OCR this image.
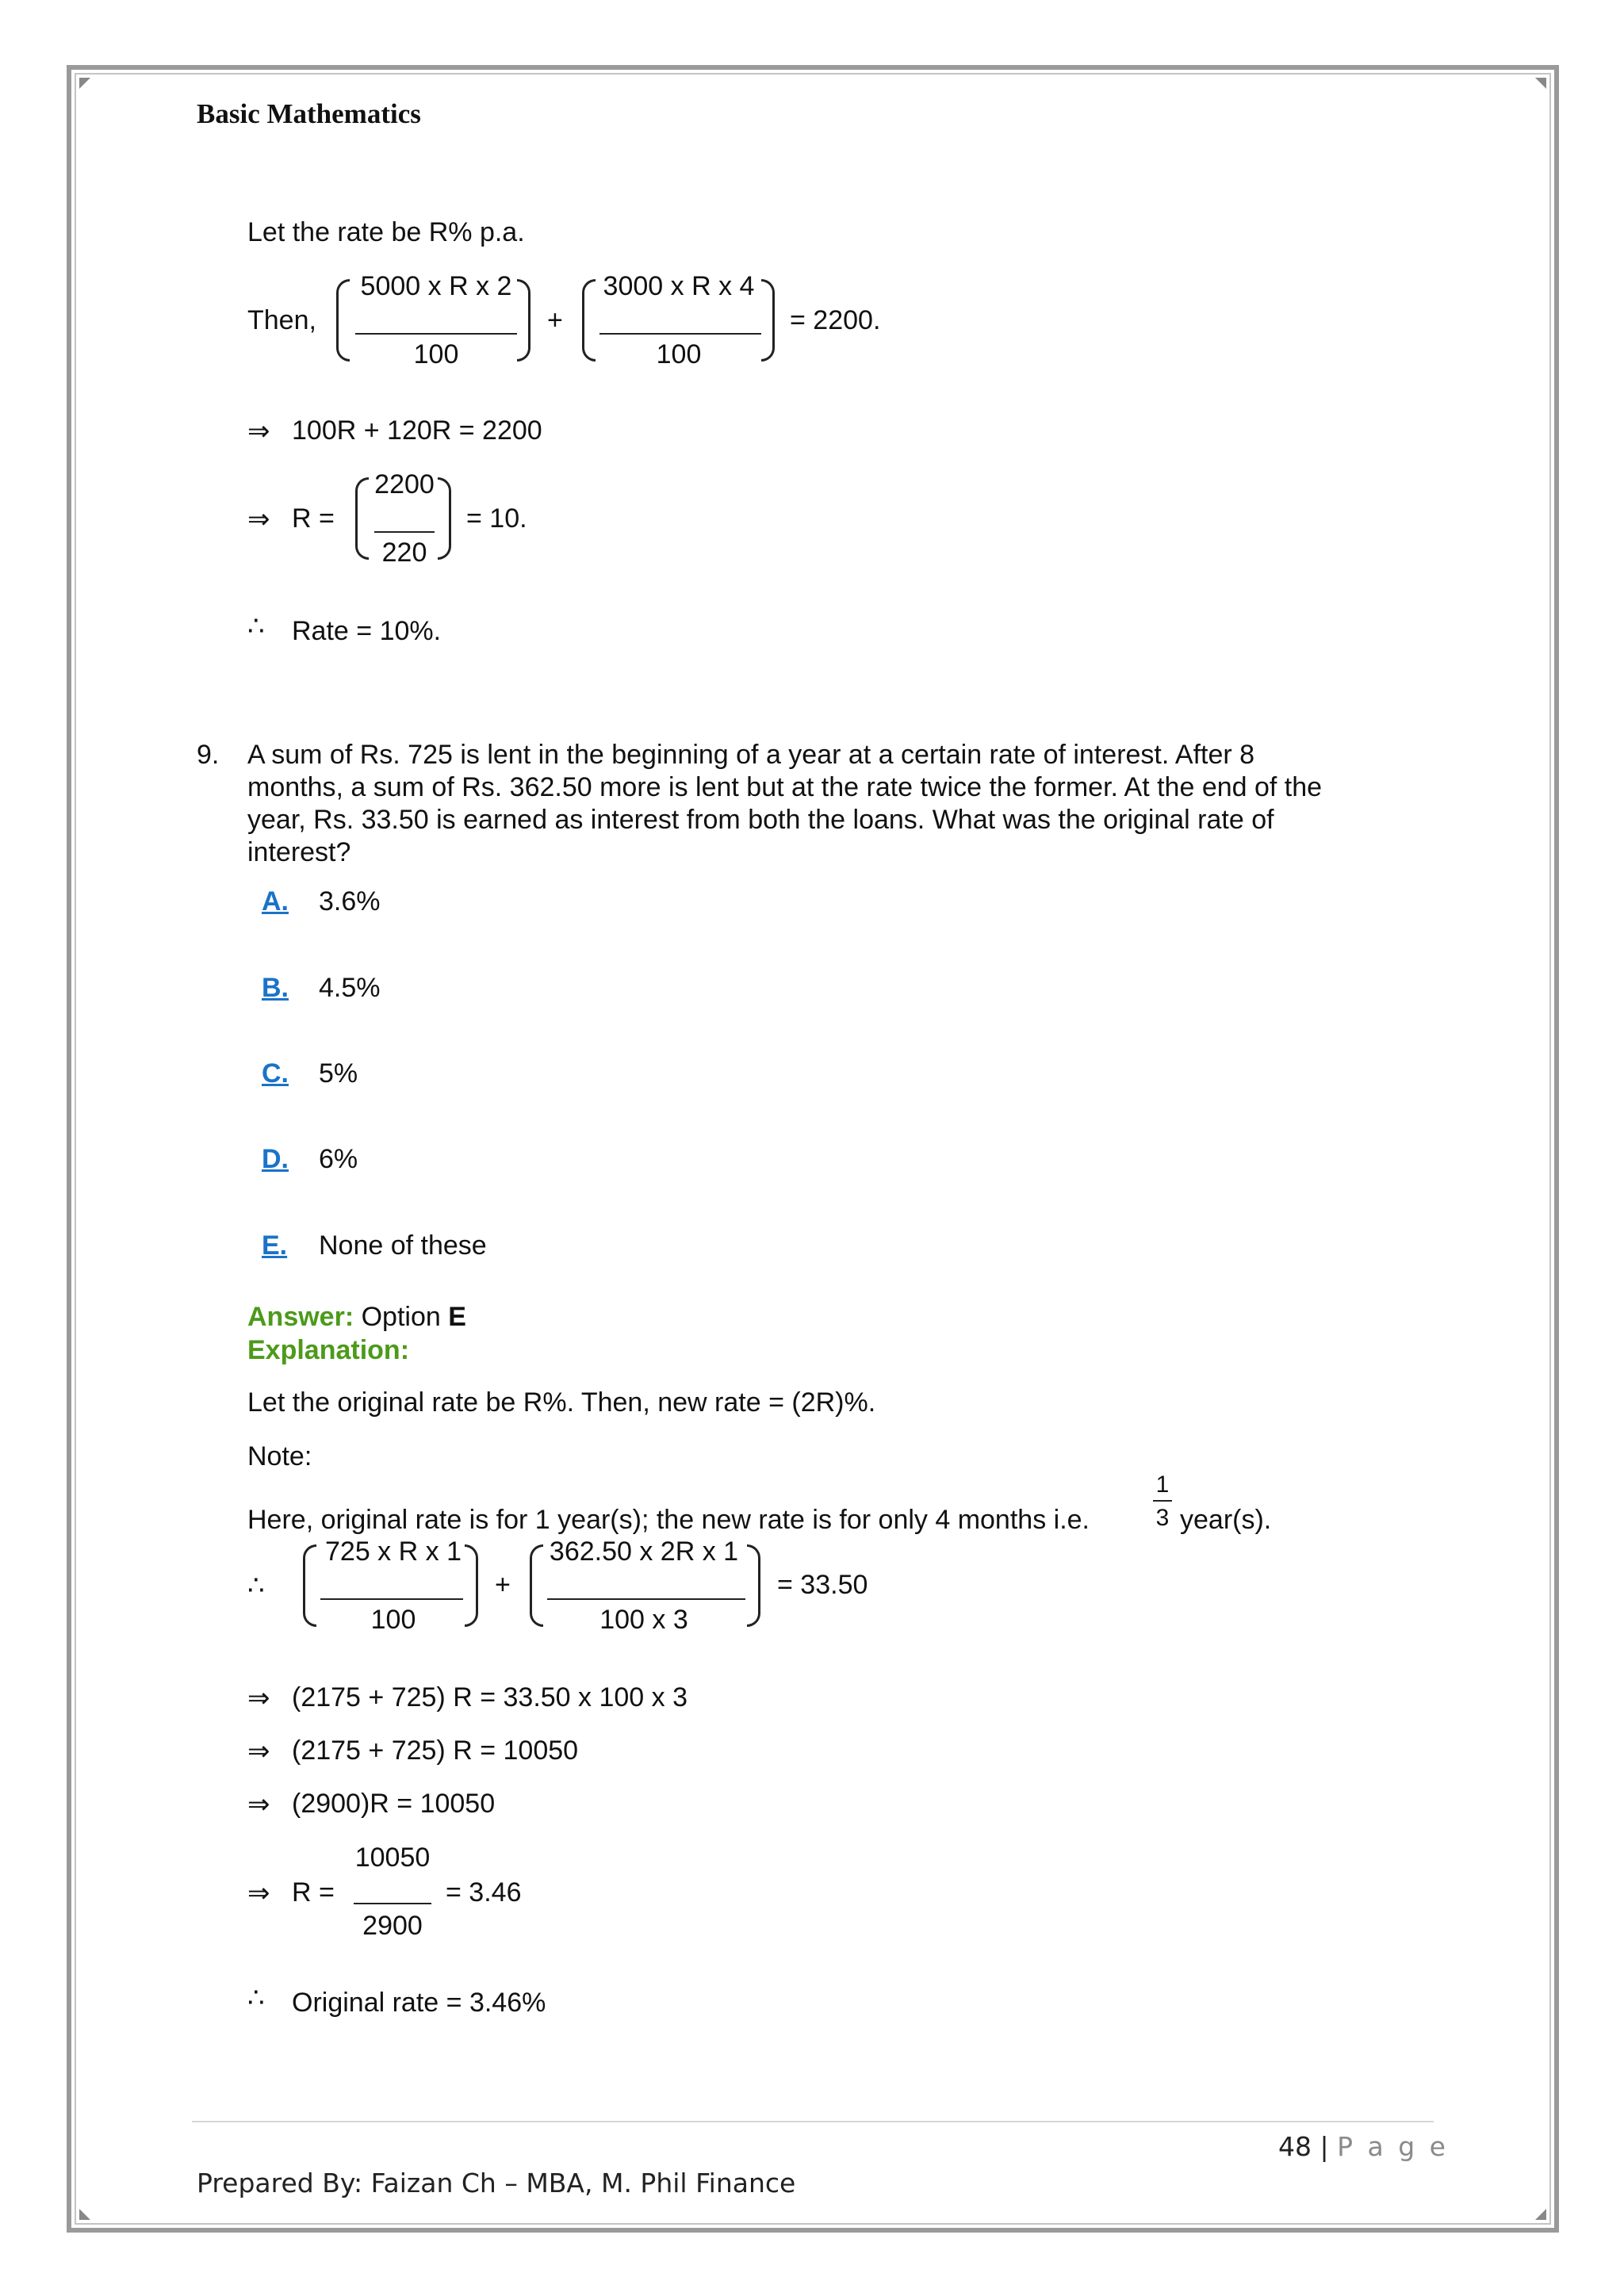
Basic Mathematics
Let the rate be R% p.a.
Then,
5000 x R x 2
100
+
3000 x R x 4
100
= 2200.
⇒ 100R + 120R = 2200
⇒ R =
2200
220
= 10.
∴ Rate = 10%.
9. A sum of Rs. 725 is lent in the beginning of a year at a certain rate of interest. After 8
months, a sum of Rs. 362.50 more is lent but at the rate twice the former. At the end of the
year, Rs. 33.50 is earned as interest from both the loans. What was the original rate of
interest?
A. 3.6%
B. 4.5%
C. 5%
D. 6%
E. None of these
Answer: Option E
Explanation:
Let the original rate be R%. Then, new rate = (2R)%.
Note:
Here, original rate is for 1 year(s); the new rate is for only 4 months i.e.
1
3 year(s).
∴
725 x R x 1
100
+
362.50 x 2R x 1
100 x 3
= 33.50
⇒ (2175 + 725) R = 33.50 x 100 x 3
⇒ (2175 + 725) R = 10050
⇒ (2900)R = 10050
⇒ R =
10050
2900
= 3.46
∴ Original rate = 3.46%
48 | P a g e
Prepared By: Faizan Ch – MBA, M. Phil Finance
